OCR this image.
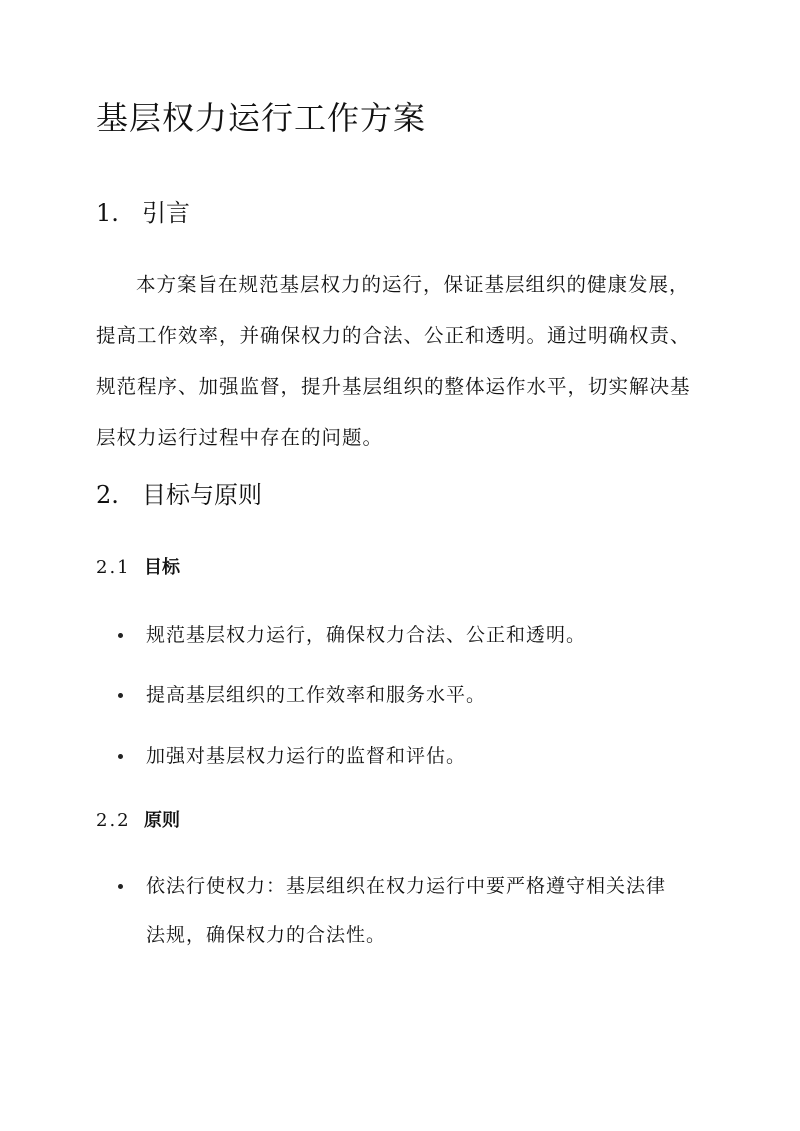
基层权力运行工作方案
1. 引言

本方案旨在规范基层权力的运行，保证基层组织的健康发展，

提高工作效率，并确保权力的合法、公正和透明。通过明确权责、

规范程序、加强监督，提升基层组织的整体运作水平，切实解决基

层权力运行过程中存在的问题。

2. 目标与原则
2.1 目标

规范基层权力运行，确保权力合法、公正和透明。

提高基层组织的工作效率和服务水平。

加强对基层权力运行的监督和评估。

2.2 原则

依法行使权力：基层组织在权力运行中要严格遵守相关法律

法规，确保权力的合法性。
